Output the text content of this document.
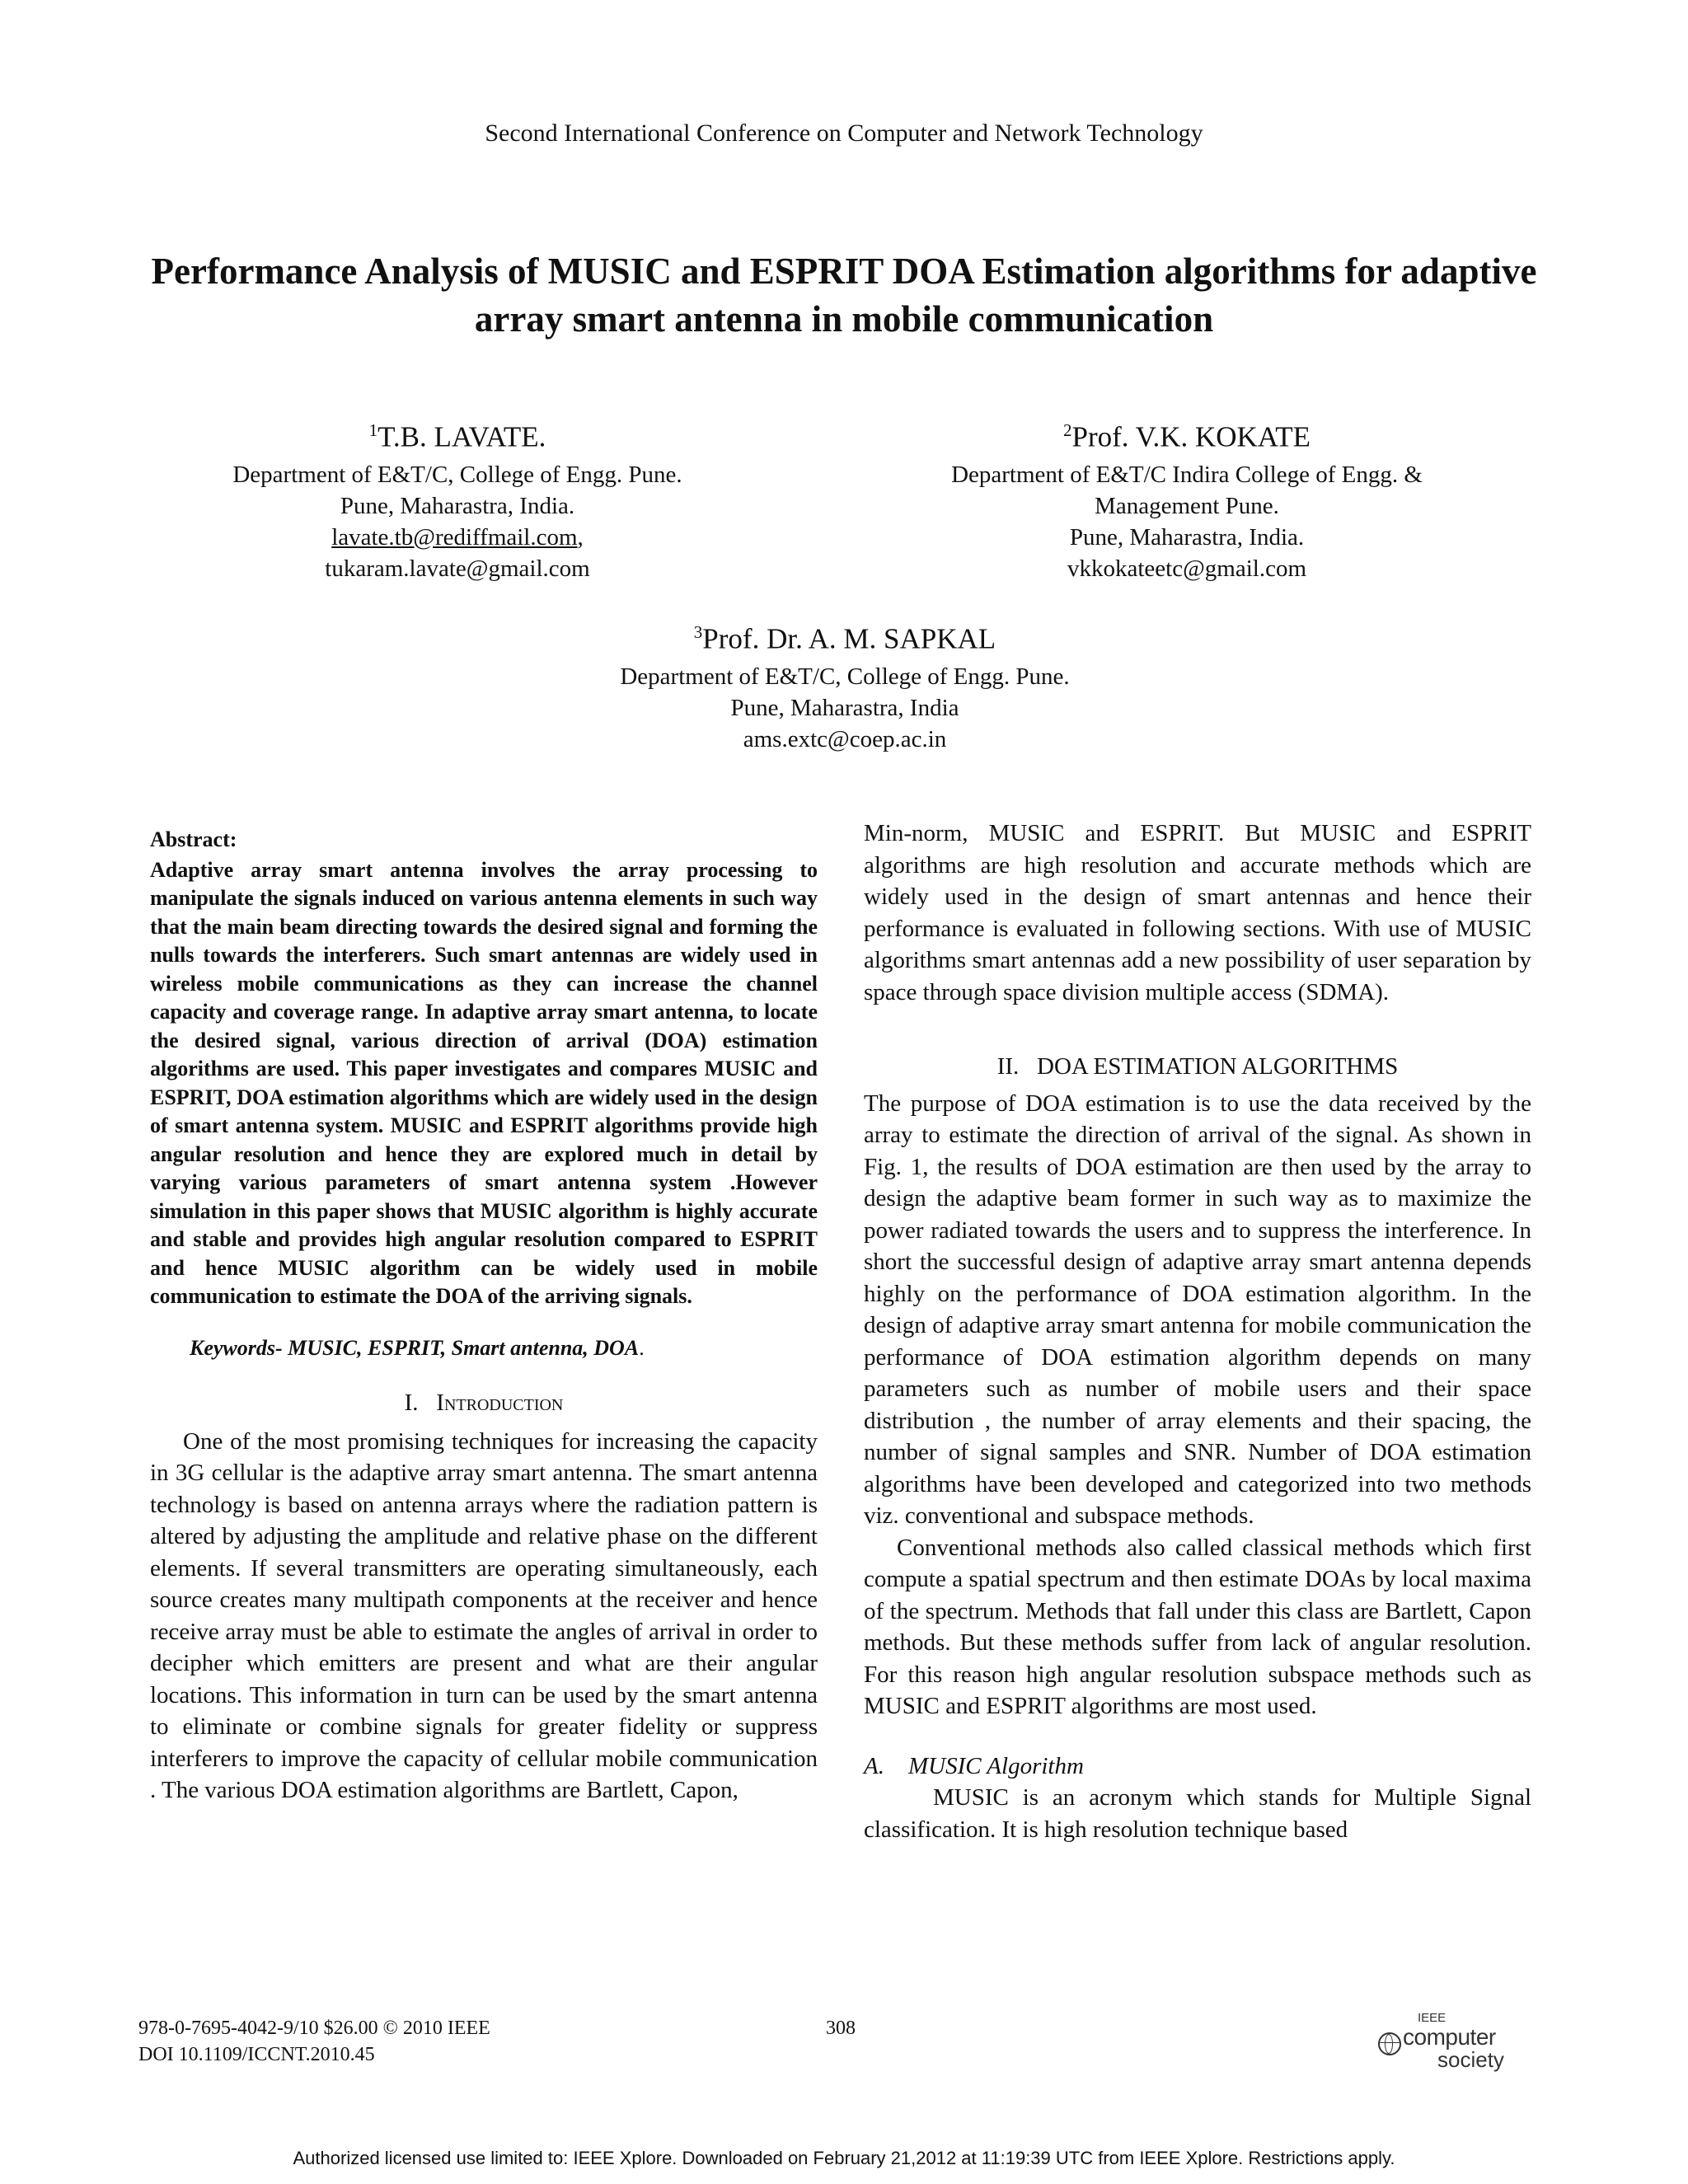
Second International Conference on Computer and Network Technology
Performance Analysis of MUSIC and ESPRIT DOA Estimation algorithms for adaptive array smart antenna in mobile communication
$^1$T.B. LAVATE.
Department of E&T/C, College of Engg. Pune.
Pune, Maharastra, India.
lavate.tb@rediffmail.com,
tukaram.lavate@gmail.com
$^2$Prof. V.K. KOKATE
Department of E&T/C Indira College of Engg. &
Management Pune.
Pune, Maharastra, India.
vkkokateetc@gmail.com
$^3$Prof. Dr. A. M. SAPKAL
Department of E&T/C, College of Engg. Pune.
Pune, Maharastra, India
ams.extc@coep.ac.in
Abstract:

Adaptive array smart antenna involves the array processing to manipulate the signals induced on various antenna elements in such way that the main beam directing towards the desired signal and forming the nulls towards the interferers. Such smart antennas are widely used in wireless mobile communications as they can increase the channel capacity and coverage range. In adaptive array smart antenna, to locate the desired signal, various direction of arrival (DOA) estimation algorithms are used. This paper investigates and compares MUSIC and ESPRIT, DOA estimation algorithms which are widely used in the design of smart antenna system. MUSIC and ESPRIT algorithms provide high angular resolution and hence they are explored much in detail by varying various parameters of smart antenna system .However simulation in this paper shows that MUSIC algorithm is highly accurate and stable and provides high angular resolution compared to ESPRIT and hence MUSIC algorithm can be widely used in mobile communication to estimate the DOA of the arriving signals.

Keywords- MUSIC, ESPRIT, Smart antenna, DOA.

I. Introduction

One of the most promising techniques for increasing the capacity in 3G cellular is the adaptive array smart antenna. The smart antenna technology is based on antenna arrays where the radiation pattern is altered by adjusting the amplitude and relative phase on the different elements. If several transmitters are operating simultaneously, each source creates many multipath components at the receiver and hence receive array must be able to estimate the angles of arrival in order to decipher which emitters are present and what are their angular locations. This information in turn can be used by the smart antenna to eliminate or combine signals for greater fidelity or suppress interferers to improve the capacity of cellular mobile communication . The various DOA estimation algorithms are Bartlett, Capon,

Min-norm, MUSIC and ESPRIT. But MUSIC and ESPRIT algorithms are high resolution and accurate methods which are widely used in the design of smart antennas and hence their performance is evaluated in following sections. With use of MUSIC algorithms smart antennas add a new possibility of user separation by space through space division multiple access (SDMA).

II. DOA ESTIMATION ALGORITHMS

The purpose of DOA estimation is to use the data received by the array to estimate the direction of arrival of the signal. As shown in Fig. 1, the results of DOA estimation are then used by the array to design the adaptive beam former in such way as to maximize the power radiated towards the users and to suppress the interference. In short the successful design of adaptive array smart antenna depends highly on the performance of DOA estimation algorithm. In the design of adaptive array smart antenna for mobile communication the performance of DOA estimation algorithm depends on many parameters such as number of mobile users and their space distribution , the number of array elements and their spacing, the number of signal samples and SNR. Number of DOA estimation algorithms have been developed and categorized into two methods viz. conventional and subspace methods.

Conventional methods also called classical methods which first compute a spatial spectrum and then estimate DOAs by local maxima of the spectrum. Methods that fall under this class are Bartlett, Capon methods. But these methods suffer from lack of angular resolution. For this reason high angular resolution subspace methods such as MUSIC and ESPRIT algorithms are most used.

A. MUSIC Algorithm

MUSIC is an acronym which stands for Multiple Signal classification. It is high resolution technique based

978-0-7695-4042-9/10 $26.00 © 2010 IEEE
DOI 10.1109/ICCNT.2010.45
308	IEEE
computer
society
Authorized licensed use limited to: IEEE Xplore. Downloaded on February 21,2012 at 11:19:39 UTC from IEEE Xplore. Restrictions apply.
